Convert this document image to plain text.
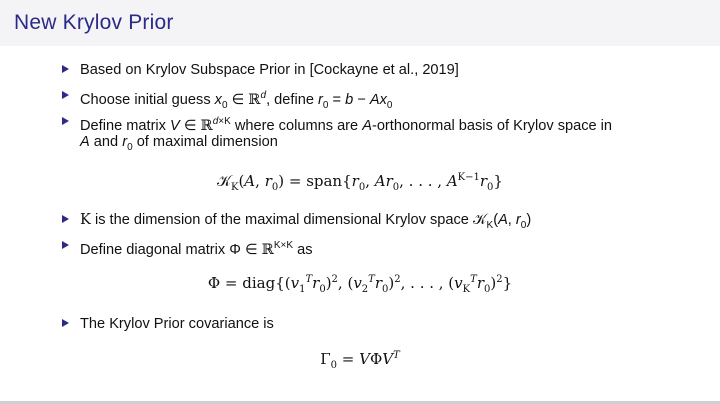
New Krylov Prior
Based on Krylov Subspace Prior in [Cockayne et al., 2019]
Choose initial guess $x_0$ ∈ ℝ$^d$, define $r_0 = b - Ax_0$
Define matrix V ∈ ℝ$^{d\times K}$ where columns are A-orthonormal basis of Krylov space in
A and $r_0$ of maximal dimension
𝒦$_K$(A, $r_0$) = $span\{r_0$, $Ar_0$, . . . , $A^{K-1}r_0$}
K is the dimension of the maximal dimensional Krylov space 𝒦$_K$(A, $r_0$)
Define diagonal matrix Φ ∈ ℝ$^{K\times K}$ as
$\Phi = diag\{(v_1^Tr_0)^2$, $(v_2^Tr_0)^2$, . . . , $(v_K^Tr_0)^2$}
The Krylov Prior covariance is
$\Gamma_0 = V\Phi V^T$
